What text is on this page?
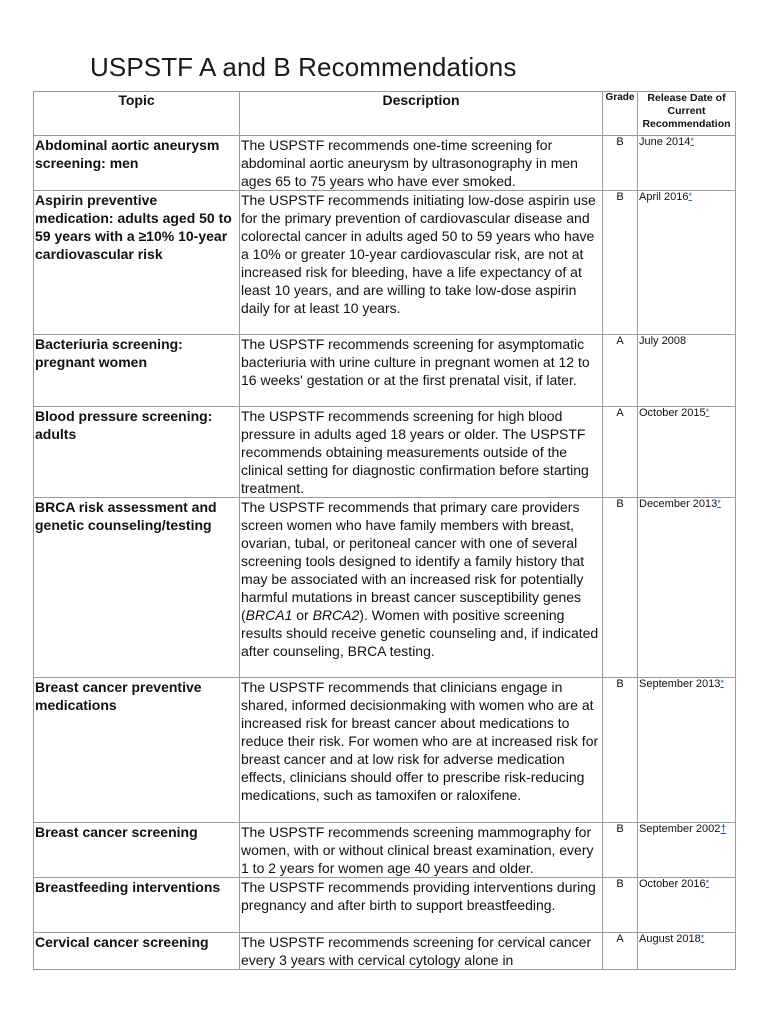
USPSTF A and B Recommendations
Topic	Description	Grade	Release Date of Current Recommendation
Abdominal aortic aneurysm screening: men	The USPSTF recommends one-time screening for abdominal aortic aneurysm by ultrasonography in men ages 65 to 75 years who have ever smoked.	B	June 2014*
Aspirin preventive medication: adults aged 50 to 59 years with a ≥10% 10-year cardiovascular risk	The USPSTF recommends initiating low-dose aspirin use for the primary prevention of cardiovascular disease and colorectal cancer in adults aged 50 to 59 years who have a 10% or greater 10-year cardiovascular risk, are not at increased risk for bleeding, have a life expectancy of at least 10 years, and are willing to take low-dose aspirin daily for at least 10 years.	B	April 2016*
Bacteriuria screening: pregnant women	The USPSTF recommends screening for asymptomatic bacteriuria with urine culture in pregnant women at 12 to 16 weeks' gestation or at the first prenatal visit, if later.	A	July 2008
Blood pressure screening: adults	The USPSTF recommends screening for high blood pressure in adults aged 18 years or older. The USPSTF recommends obtaining measurements outside of the clinical setting for diagnostic confirmation before starting treatment.	A	October 2015*
BRCA risk assessment and genetic counseling/testing	The USPSTF recommends that primary care providers screen women who have family members with breast, ovarian, tubal, or peritoneal cancer with one of several screening tools designed to identify a family history that may be associated with an increased risk for potentially harmful mutations in breast cancer susceptibility genes (BRCA1 or BRCA2). Women with positive screening results should receive genetic counseling and, if indicated after counseling, BRCA testing.	B	December 2013*
Breast cancer preventive medications	The USPSTF recommends that clinicians engage in shared, informed decisionmaking with women who are at increased risk for breast cancer about medications to reduce their risk. For women who are at increased risk for breast cancer and at low risk for adverse medication effects, clinicians should offer to prescribe risk-reducing medications, such as tamoxifen or raloxifene.	B	September 2013*
Breast cancer screening	The USPSTF recommends screening mammography for women, with or without clinical breast examination, every 1 to 2 years for women age 40 years and older.	B	September 2002†
Breastfeeding interventions	The USPSTF recommends providing interventions during pregnancy and after birth to support breastfeeding.	B	October 2016*
Cervical cancer screening	The USPSTF recommends screening for cervical cancer every 3 years with cervical cytology alone in	A	August 2018*
